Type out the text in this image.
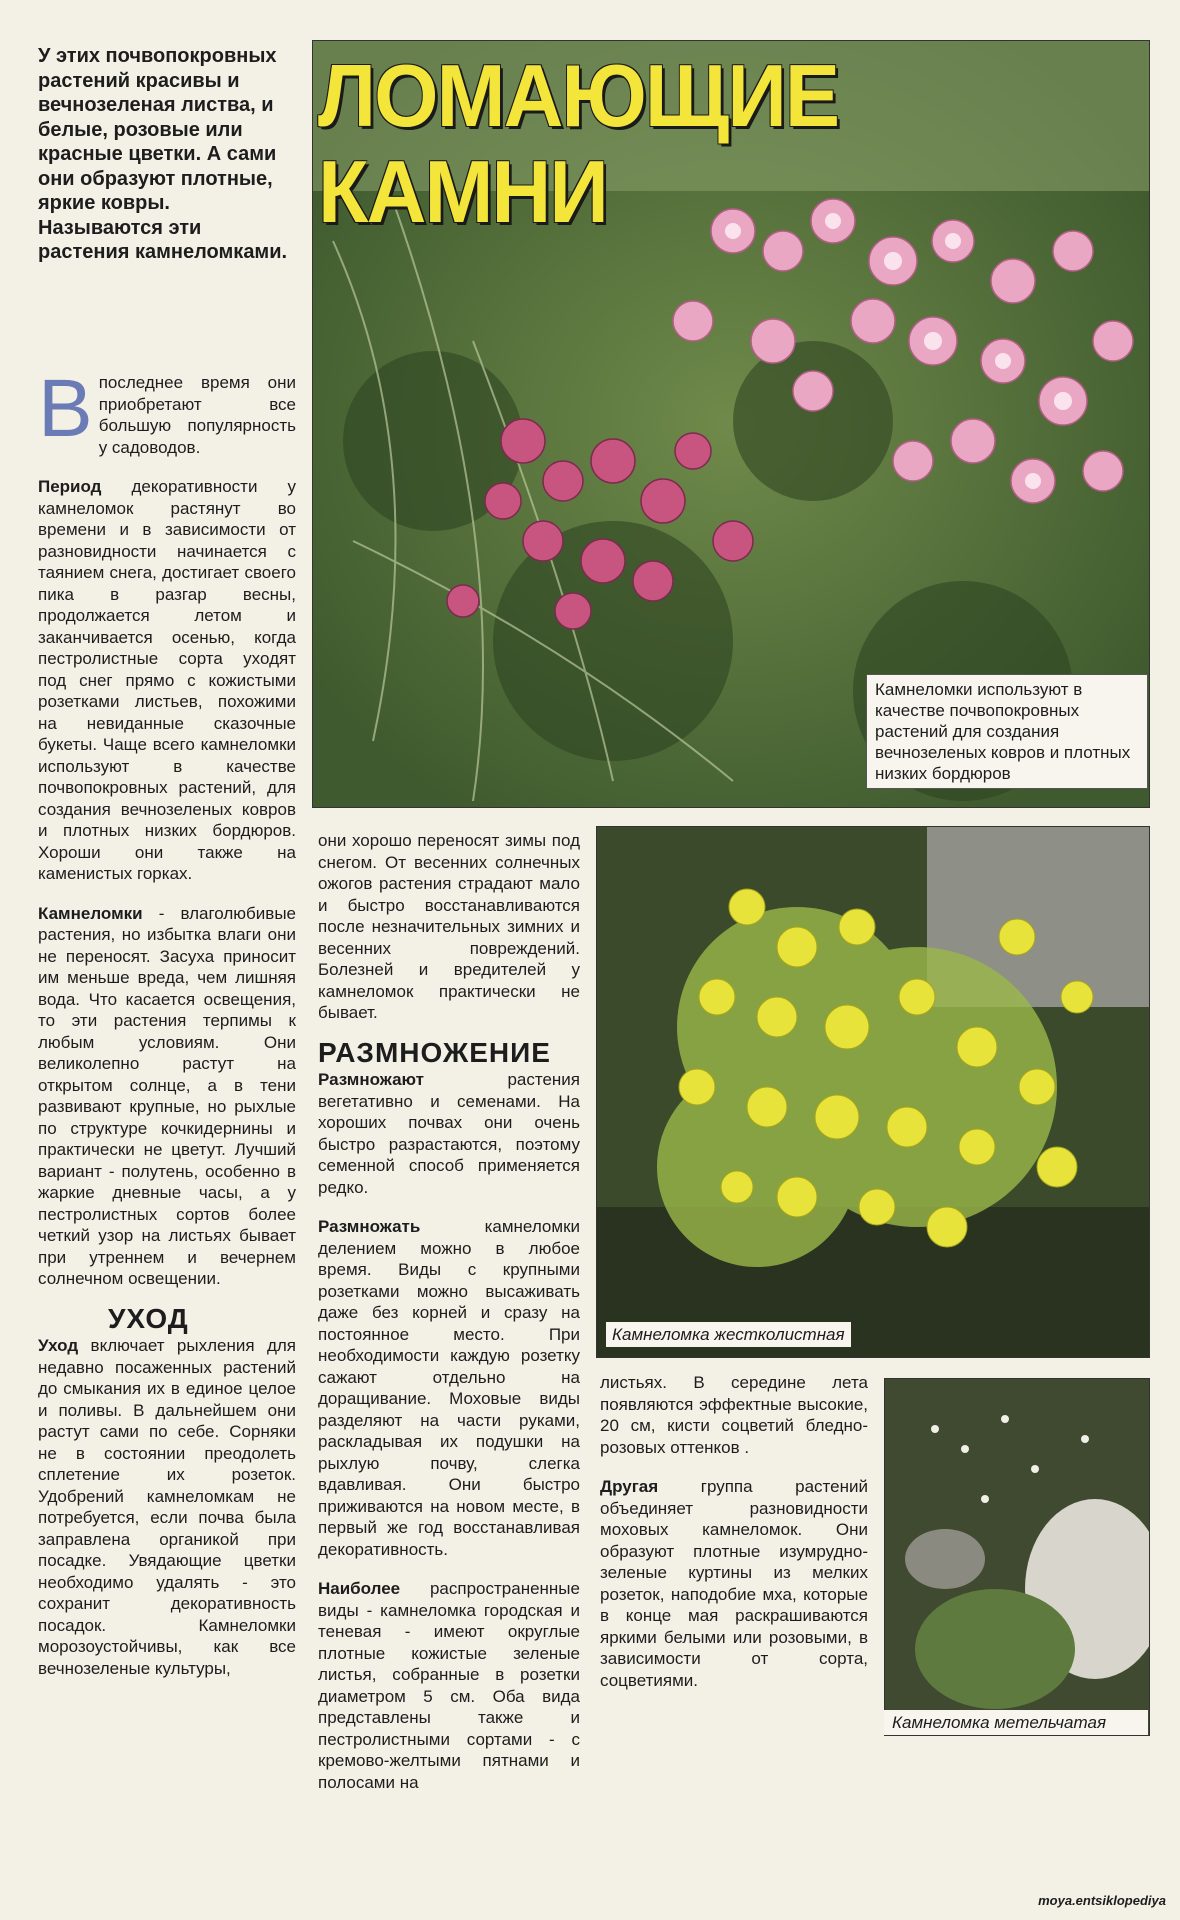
ЛОМАЮЩИЕ КАМНИ
Камнеломки используют в качестве почвопокровных растений для создания вечнозеленых ковров и плотных низких бордюров
Камнеломка жестколистная
Камнеломка метельчатая
У этих почвопокровных растений красивы и вечнозеленая листва, и белые, розовые или красные цветки. А сами они образуют плотные, яркие ковры. Называются эти растения камнеломками.

В последнее время они приобретают все большую популярность у садоводов.

Период декоративности у камнеломок растянут во времени и в зависимости от разновидности начинается с таянием снега, достигает своего пика в разгар весны, продолжается летом и заканчивается осенью, когда пестролистные сорта уходят под снег прямо с кожистыми розетками листьев, похожими на невиданные сказочные букеты. Чаще всего камнеломки используют в качестве почвопокровных растений, для создания вечнозеленых ковров и плотных низких бордюров. Хороши они также на каменистых горках.

Камнеломки - влаголюбивые растения, но избытка влаги они не переносят. Засуха приносит им меньше вреда, чем лишняя вода. Что касается освещения, то эти растения терпимы к любым условиям. Они великолепно растут на открытом солнце, а в тени развивают крупные, но рыхлые по структуре кочкидернины и практически не цветут. Лучший вариант - полутень, особенно в жаркие дневные часы, а у пестролистных сортов более четкий узор на листьях бывает при утреннем и вечернем солнечном освещении.

УХОД

Уход включает рыхления для недавно посаженных растений до смыкания их в единое целое и поливы. В дальнейшем они растут сами по себе. Сорняки не в состоянии преодолеть сплетение их розеток. Удобрений камнеломкам не потребуется, если почва была заправлена органикой при посадке. Увядающие цветки необходимо удалять - это сохранит декоративность посадок. Камнеломки морозоустойчивы, как все вечнозеленые культуры,

они хорошо переносят зимы под снегом. От весенних солнечных ожогов растения страдают мало и быстро восстанавливаются после незначительных зимних и весенних повреждений. Болезней и вредителей у камнеломок практически не бывает.

РАЗМНОЖЕНИЕ

Размножают растения вегетативно и семенами. На хороших почвах они очень быстро разрастаются, поэтому семенной способ применяется редко.

Размножать камнеломки делением можно в любое время. Виды с крупными розетками можно высаживать даже без корней и сразу на постоянное место. При необходимости каждую розетку сажают отдельно на доращивание. Моховые виды разделяют на части руками, раскладывая их подушки на рыхлую почву, слегка вдавливая. Они быстро приживаются на новом месте, в первый же год восстанавливая декоративность.

Наиболее распространенные виды - камнеломка городская и теневая - имеют округлые плотные кожистые зеленые листья, собранные в розетки диаметром 5 см. Оба вида представлены также и пестролистными сортами - с кремово-желтыми пятнами и полосами на

листьях. В середине лета появляются эффектные высокие, 20 см, кисти соцветий бледно-розовых оттенков .

Другая группа растений объединяет разновидности моховых камнеломок. Они образуют плотные изумрудно-зеленые куртины из мелких розеток, наподобие мха, которые в конце мая раскрашиваются яркими белыми или розовыми, в зависимости от сорта, соцветиями.

moya.entsiklopediya
